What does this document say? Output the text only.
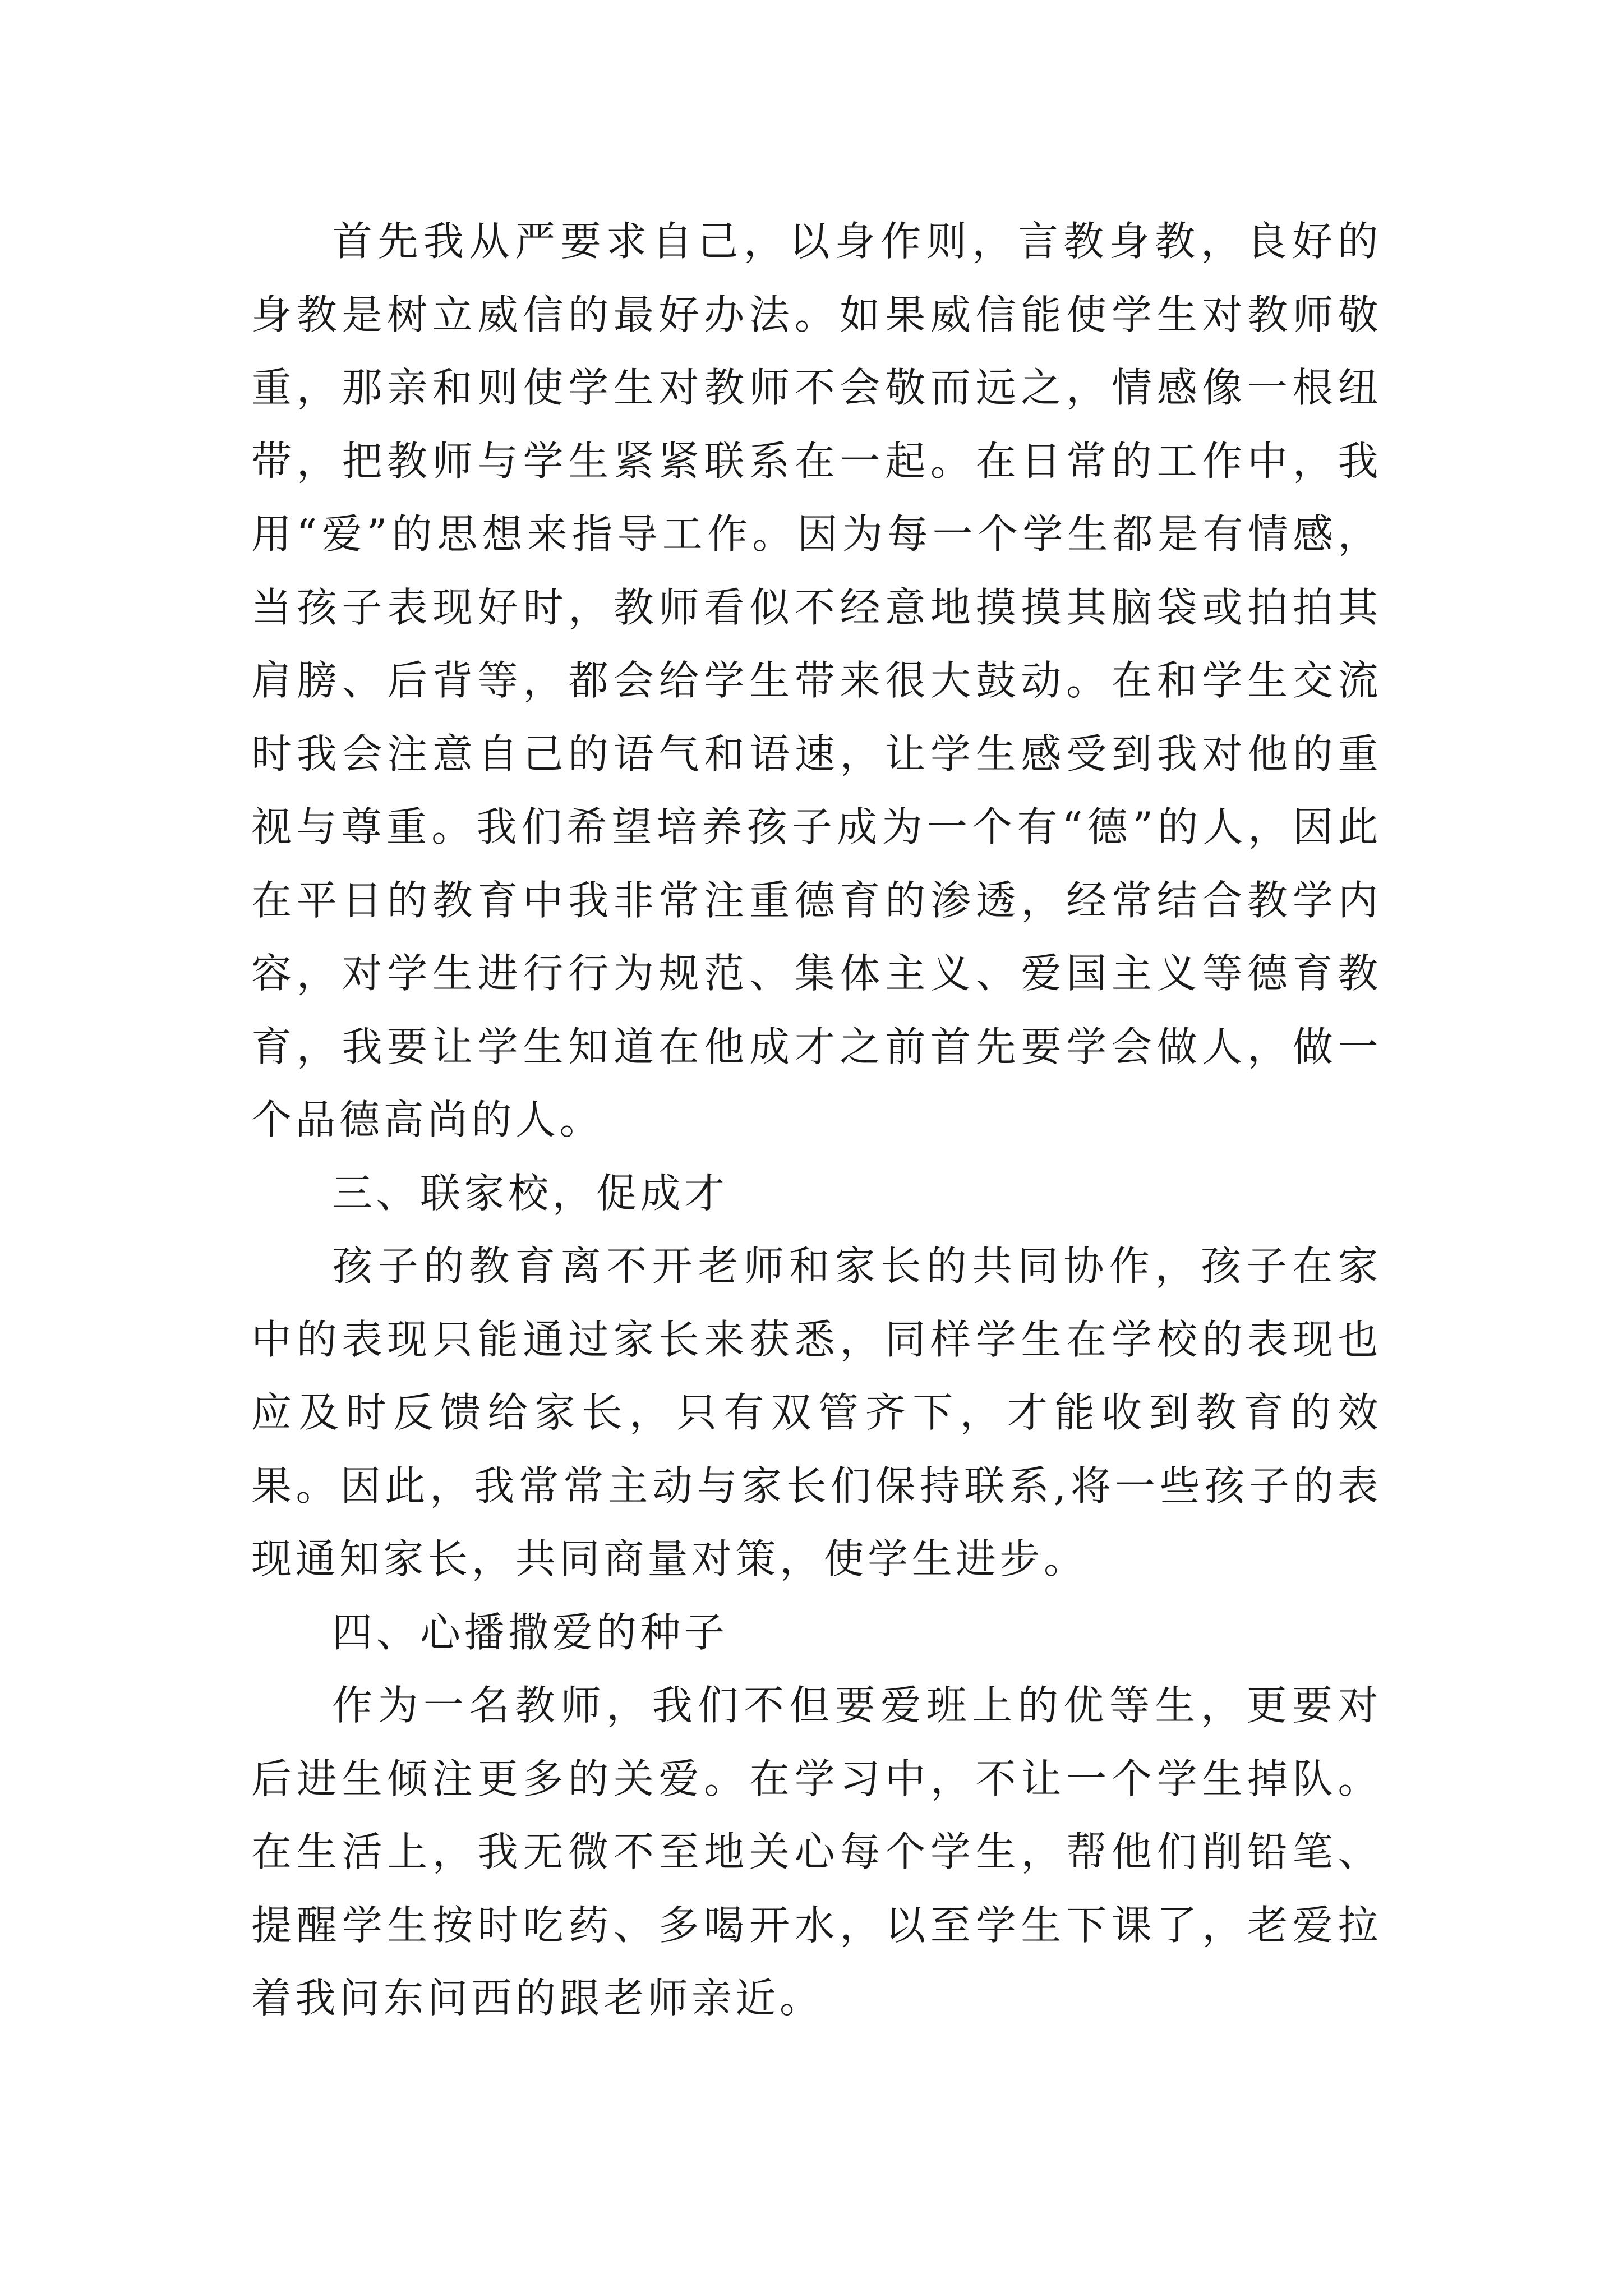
首先我从严要求自己，以身作则，言教身教，良好的身教是树立威信的最好办法。如果威信能使学生对教师敬重，那亲和则使学生对教师不会敬而远之，情感像一根纽带，把教师与学生紧紧联系在一起。在日常的工作中，我用“爱”的思想来指导工作。因为每一个学生都是有情感，当孩子表现好时，教师看似不经意地摸摸其脑袋或拍拍其肩膀、后背等，都会给学生带来很大鼓动。在和学生交流时我会注意自己的语气和语速，让学生感受到我对他的重视与尊重。我们希望培养孩子成为一个有“德”的人，因此在平日的教育中我非常注重德育的渗透，经常结合教学内容，对学生进行行为规范、集体主义、爱国主义等德育教育，我要让学生知道在他成才之前首先要学会做人，做一个品德高尚的人。

三、联家校，促成才

孩子的教育离不开老师和家长的共同协作，孩子在家中的表现只能通过家长来获悉，同样学生在学校的表现也应及时反馈给家长，只有双管齐下，才能收到教育的效果。因此，我常常主动与家长们保持联系,将一些孩子的表现通知家长，共同商量对策，使学生进步。

四、心播撒爱的种子

作为一名教师，我们不但要爱班上的优等生，更要对后进生倾注更多的关爱。在学习中，不让一个学生掉队。在生活上，我无微不至地关心每个学生，帮他们削铅笔、提醒学生按时吃药、多喝开水，以至学生下课了，老爱拉着我问东问西的跟老师亲近。
